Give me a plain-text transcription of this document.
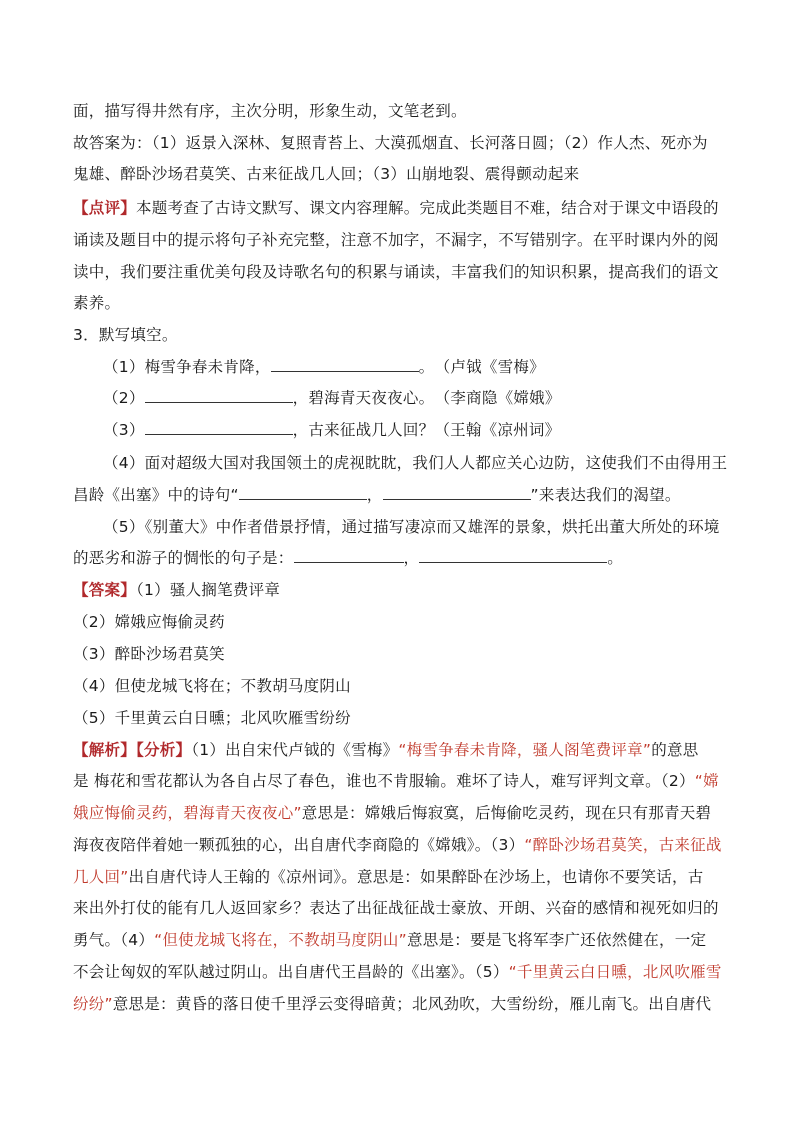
面，描写得井然有序，主次分明，形象生动，文笔老到。
故答案为：（1）返景入深林、复照青苔上、大漠孤烟直、长河落日圆；（2）作人杰、死亦为
鬼雄、醉卧沙场君莫笑、古来征战几人回；（3）山崩地裂、震得颤动起来
【点评】本题考查了古诗文默写、课文内容理解。完成此类题目不难，结合对于课文中语段的
诵读及题目中的提示将句子补充完整，注意不加字，不漏字，不写错别字。在平时课内外的阅
读中，我们要注重优美句段及诗歌名句的积累与诵读，丰富我们的知识积累，提高我们的语文
素养。
3．默写填空。
（1）梅雪争春未肯降，	。　（卢钺《雪梅》
（2）	，碧海青天夜夜心。　（李商隐《嫦娥》
（3）	，古来征战几人回？（王翰《凉州词》
（4）面对超级大国对我国领土的虎视眈眈，我们人人都应关心边防，这使我们不由得用王
昌龄《出塞》中的诗句“	，	”来表达我们的渴望。
（5）《别董大》中作者借景抒情，通过描写凄凉而又雄浑的景象，烘托出董大所处的环境
的恶劣和游子的惆怅的句子是：	，	。
【答案】（1）骚人搁笔费评章
（2）嫦娥应悔偷灵药
（3）醉卧沙场君莫笑
（4）但使龙城飞将在；不教胡马度阴山
（5）千里黄云白日曛；北风吹雁雪纷纷
【解析】【分析】（1）出自宋代卢钺的《雪梅》“梅雪争春未肯降，骚人阁笔费评章”的意思
是 梅花和雪花都认为各自占尽了春色，谁也不肯服输。难坏了诗人，难写评判文章。（2）“嫦
娥应悔偷灵药，碧海青天夜夜心”意思是：嫦娥后悔寂寞，后悔偷吃灵药，现在只有那青天碧
海夜夜陪伴着她一颗孤独的心，出自唐代李商隐的《嫦娥》。（3）“醉卧沙场君莫笑，古来征战
几人回”出自唐代诗人王翰的《凉州词》。意思是：如果醉卧在沙场上，也请你不要笑话，古
来出外打仗的能有几人返回家乡？表达了出征战征战士豪放、开朗、兴奋的感情和视死如归的
勇气。（4）“但使龙城飞将在，不教胡马度阴山”意思是：要是飞将军李广还依然健在，一定
不会让匈奴的军队越过阴山。出自唐代王昌龄的《出塞》。（5）“千里黄云白日曛，北风吹雁雪
纷纷”意思是：黄昏的落日使千里浮云变得暗黄；北风劲吹，大雪纷纷，雁儿南飞。出自唐代
